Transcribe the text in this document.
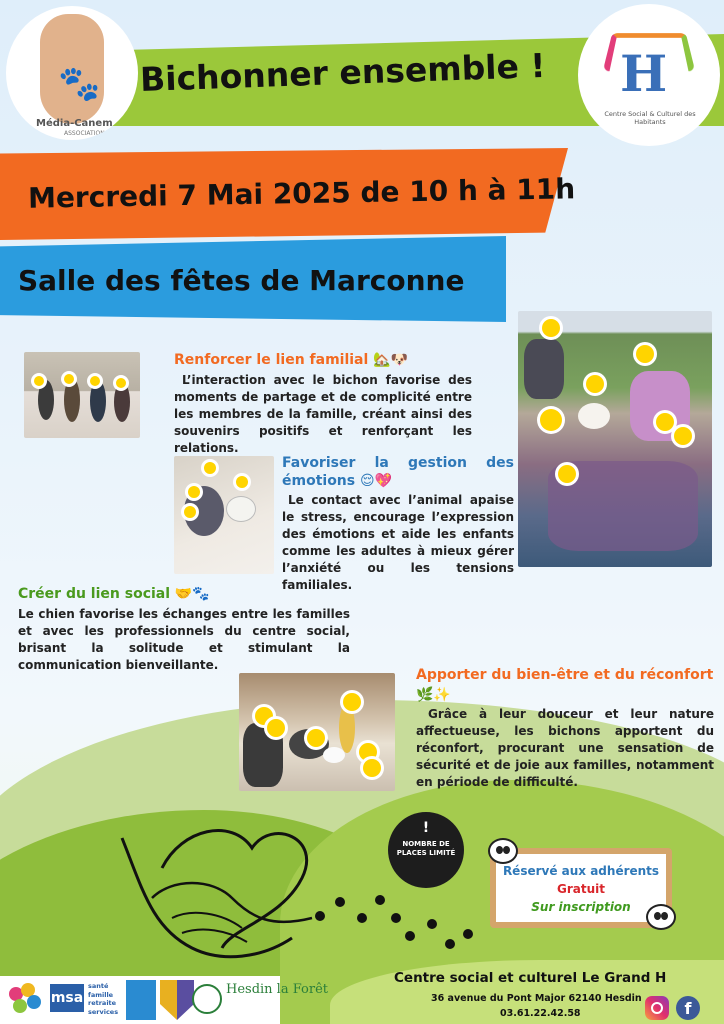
Bichonner ensemble !
Mercredi 7 Mai 2025 de 10 h à 11h
Salle des fêtes de Marconne
🐾
Média-Canem
ASSOCIATION
H
Centre Social & Culturel des Habitants
Renforcer le lien familial 🏡🐶
L’interaction avec le bichon favorise des moments de partage et de complicité entre les membres de la famille, créant ainsi des souvenirs positifs et renforçant les relations.
Favoriser la gestion des émotions 😌💖
Le contact avec l’animal apaise le stress, encourage l’expression des émotions et aide les enfants comme les adultes à mieux gérer l’anxiété ou les tensions familiales.
Créer du lien social 🤝🐾
Le chien favorise les échanges entre les familles et avec les professionnels du centre social, brisant la solitude et stimulant la communication bienveillante.
Apporter du bien-être et du réconfort 🌿✨
Grâce à leur douceur et leur nature affectueuse, les bichons apportent du réconfort, procurant une sensation de sécurité et de joie aux familles, notamment en période de difficulté.
!
NOMBRE DE PLACES LIMITÉ
Réservé aux adhérents
Gratuit
Sur inscription
Centre social et culturel Le Grand H
36 avenue du Pont Major 62140 Hesdin
03.61.22.42.58	f
msa
santé famille retraite services
Hesdin la Forêt
